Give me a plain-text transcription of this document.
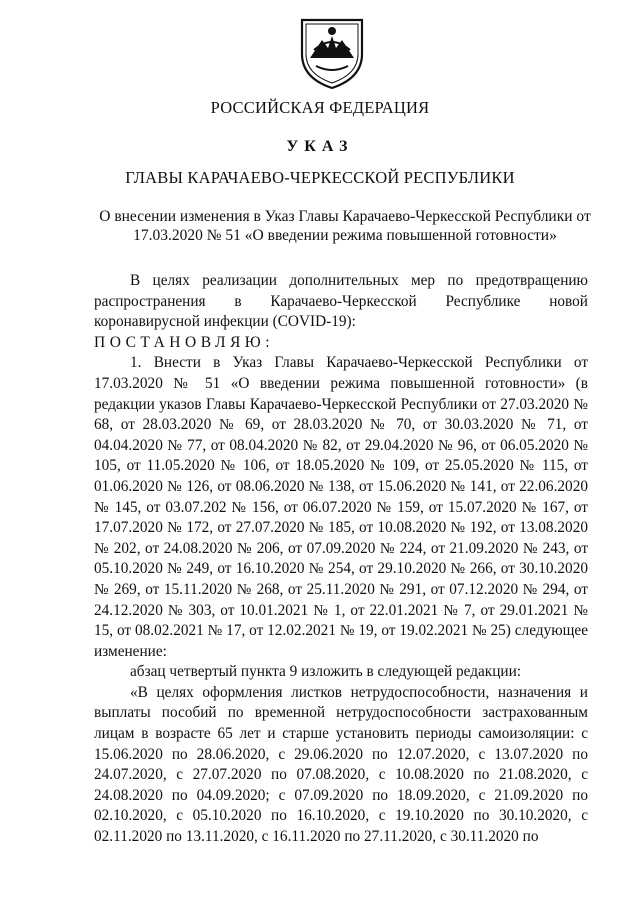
РОССИЙСКАЯ ФЕДЕРАЦИЯ
УКАЗ
ГЛАВЫ КАРАЧАЕВО-ЧЕРКЕССКОЙ РЕСПУБЛИКИ
О внесении изменения в Указ Главы Карачаево-Черкесской Республики от
17.03.2020 № 51 «О введении режима повышенной готовности»

В целях реализации дополнительных мер по предотвращению распространения в Карачаево-Черкесской Республике новой коронавирусной инфекции (COVID-19):

ПОСТАНОВЛЯЮ:

1. Внести в Указ Главы Карачаево-Черкесской Республики от 17.03.2020 № 51 «О введении режима повышенной готовности» (в редакции указов Главы Карачаево-Черкесской Республики от 27.03.2020 № 68, от 28.03.2020 № 69, от 28.03.2020 № 70, от 30.03.2020 № 71, от 04.04.2020 № 77, от 08.04.2020 № 82, от 29.04.2020 № 96, от 06.05.2020 № 105, от 11.05.2020 № 106, от 18.05.2020 № 109, от 25.05.2020 № 115, от 01.06.2020 № 126, от 08.06.2020 № 138, от 15.06.2020 № 141, от 22.06.2020 № 145, от 03.07.202 № 156, от 06.07.2020 № 159, от 15.07.2020 № 167, от 17.07.2020 № 172, от 27.07.2020 № 185, от 10.08.2020 № 192, от 13.08.2020 № 202, от 24.08.2020 № 206, от 07.09.2020 № 224, от 21.09.2020 № 243, от 05.10.2020 № 249, от 16.10.2020 № 254, от 29.10.2020 № 266, от 30.10.2020 № 269, от 15.11.2020 № 268, от 25.11.2020 № 291, от 07.12.2020 № 294, от 24.12.2020 № 303, от 10.01.2021 № 1, от 22.01.2021 № 7, от 29.01.2021 № 15, от 08.02.2021 № 17, от 12.02.2021 № 19, от 19.02.2021 № 25) следующее изменение:

абзац четвертый пункта 9 изложить в следующей редакции:

«В целях оформления листков нетрудоспособности, назначения и выплаты пособий по временной нетрудоспособности застрахованным лицам в возрасте 65 лет и старше установить периоды самоизоляции: с 15.06.2020 по 28.06.2020, с 29.06.2020 по 12.07.2020, с 13.07.2020 по 24.07.2020, с 27.07.2020 по 07.08.2020, с 10.08.2020 по 21.08.2020, с 24.08.2020 по 04.09.2020; с 07.09.2020 по 18.09.2020, с 21.09.2020 по 02.10.2020, с 05.10.2020 по 16.10.2020, с 19.10.2020 по 30.10.2020, с 02.11.2020 по 13.11.2020, с 16.11.2020 по 27.11.2020, с 30.11.2020 по
